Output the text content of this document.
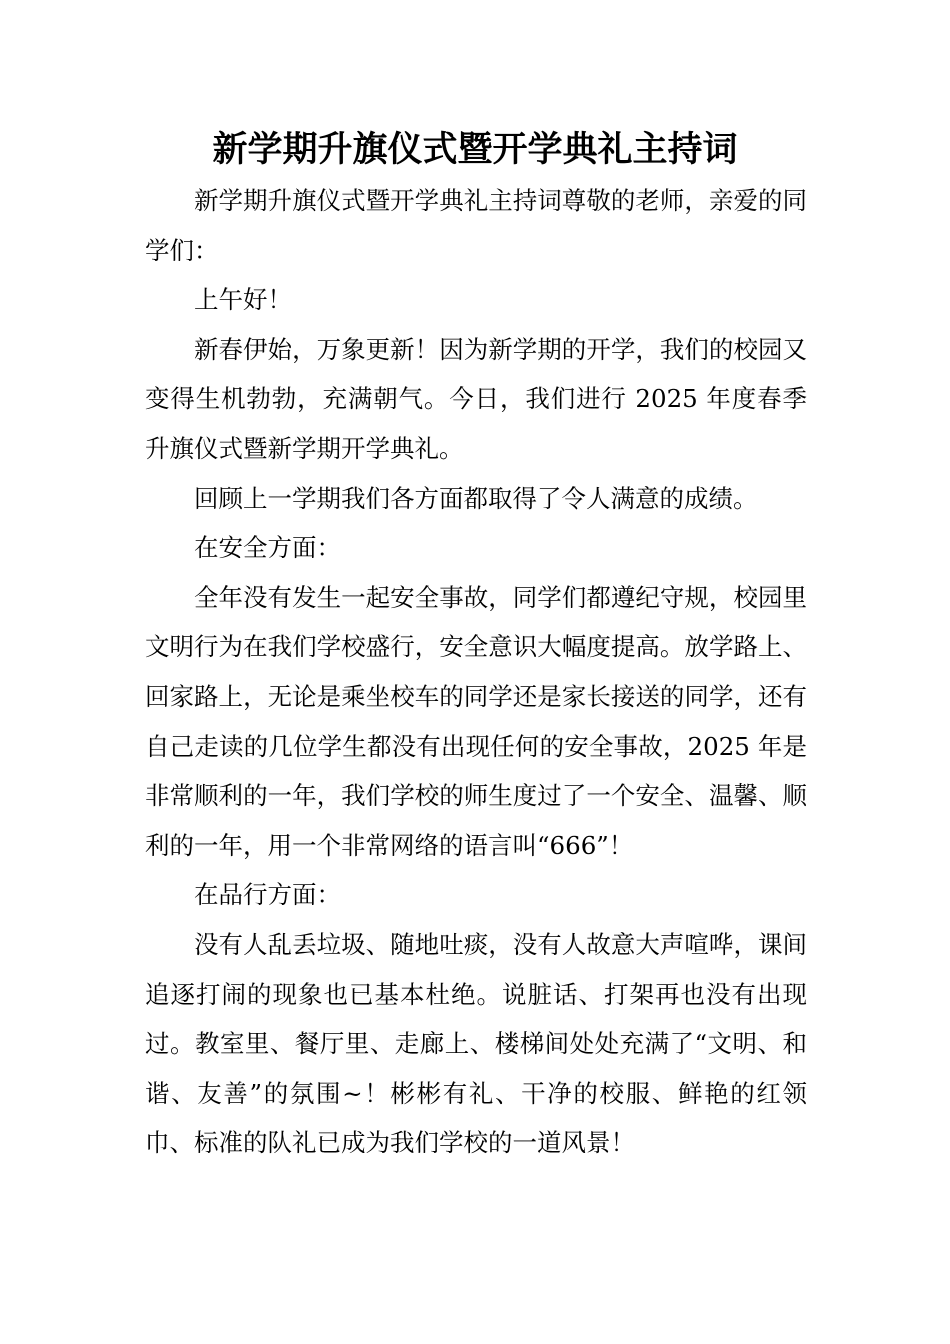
新学期升旗仪式暨开学典礼主持词

新学期升旗仪式暨开学典礼主持词尊敬的老师，亲爱的同学们：

上午好！

新春伊始，万象更新！因为新学期的开学，我们的校园又变得生机勃勃，充满朝气。今日，我们进行 2025 年度春季升旗仪式暨新学期开学典礼。

回顾上一学期我们各方面都取得了令人满意的成绩。

在安全方面：

全年没有发生一起安全事故，同学们都遵纪守规，校园里文明行为在我们学校盛行，安全意识大幅度提高。放学路上、回家路上，无论是乘坐校车的同学还是家长接送的同学，还有自己走读的几位学生都没有出现任何的安全事故，2025 年是非常顺利的一年，我们学校的师生度过了一个安全、温馨、顺利的一年，用一个非常网络的语言叫“666”！

在品行方面：

没有人乱丢垃圾、随地吐痰，没有人故意大声喧哗，课间追逐打闹的现象也已基本杜绝。说脏话、打架再也没有出现过。教室里、餐厅里、走廊上、楼梯间处处充满了“文明、和谐、友善”的氛围~！彬彬有礼、干净的校服、鲜艳的红领巾、标准的队礼已成为我们学校的一道风景！
